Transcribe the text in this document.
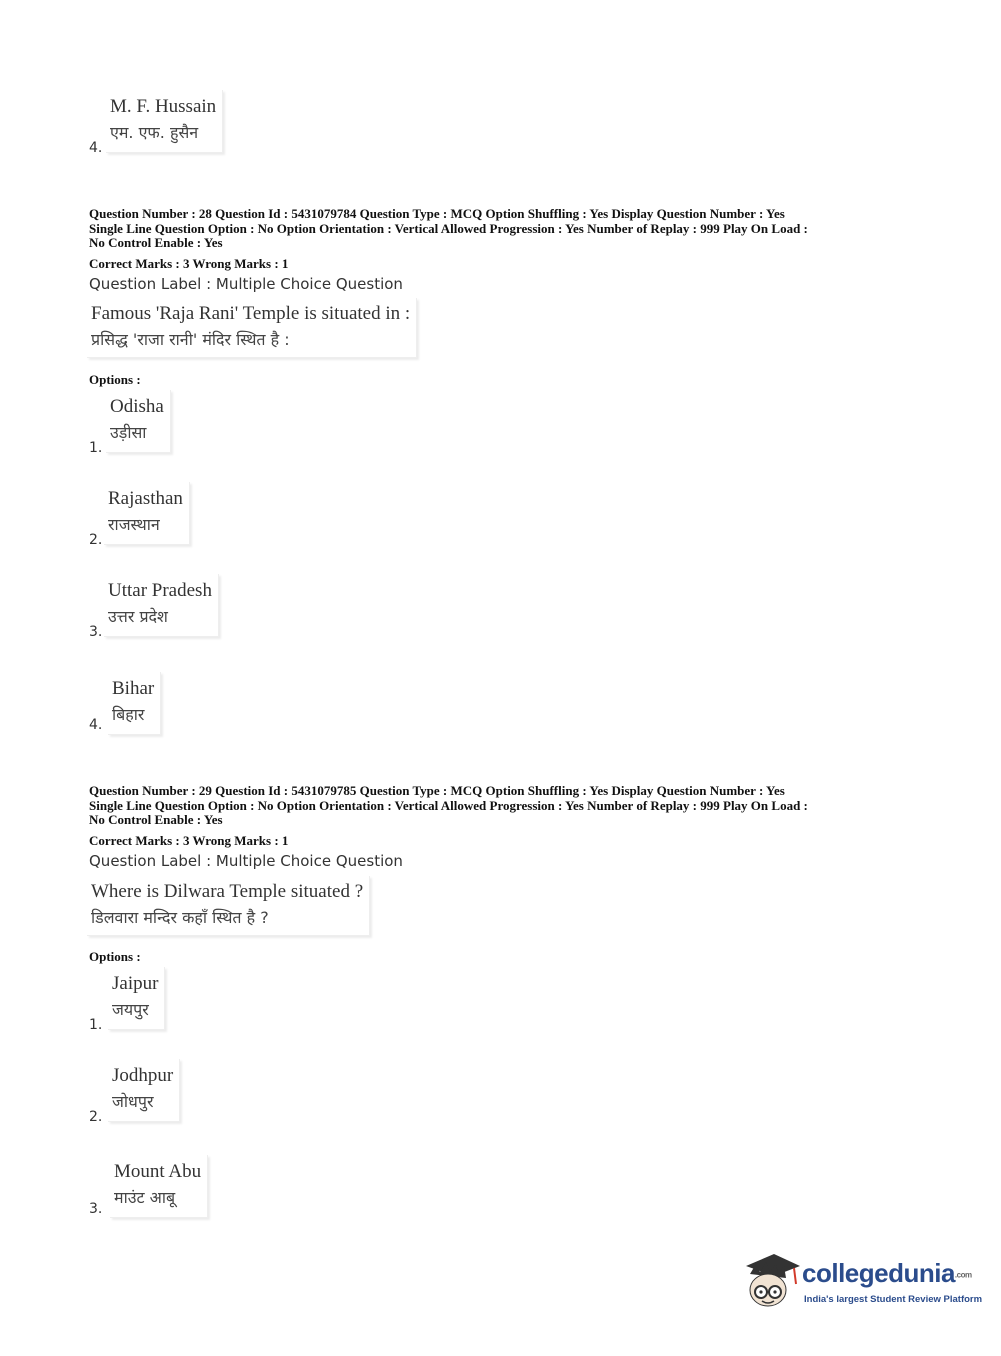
M. F. Hussain
एम. एफ. हुसैन
4.
Question Number : 28 Question Id : 5431079784 Question Type : MCQ Option Shuffling : Yes Display Question Number : Yes
Single Line Question Option : No Option Orientation : Vertical Allowed Progression : Yes Number of Replay : 999 Play On Load :
No Control Enable : Yes
Correct Marks : 3 Wrong Marks : 1
Question Label : Multiple Choice Question
Famous 'Raja Rani' Temple is situated in :
प्रसिद्ध 'राजा रानी' मंदिर स्थित है :
Options :
Odisha
उड़ीसा
1.
Rajasthan
राजस्थान
2.
Uttar Pradesh
उत्तर प्रदेश
3.
Bihar
बिहार
4.
Question Number : 29 Question Id : 5431079785 Question Type : MCQ Option Shuffling : Yes Display Question Number : Yes
Single Line Question Option : No Option Orientation : Vertical Allowed Progression : Yes Number of Replay : 999 Play On Load :
No Control Enable : Yes
Correct Marks : 3 Wrong Marks : 1
Question Label : Multiple Choice Question
Where is Dilwara Temple situated ?
डिलवारा मन्दिर कहाँ स्थित है ?
Options :
Jaipur
जयपुर
1.
Jodhpur
जोधपुर
2.
Mount Abu
माउंट आबू
3.
collegedunia.com
India's largest Student Review Platform
